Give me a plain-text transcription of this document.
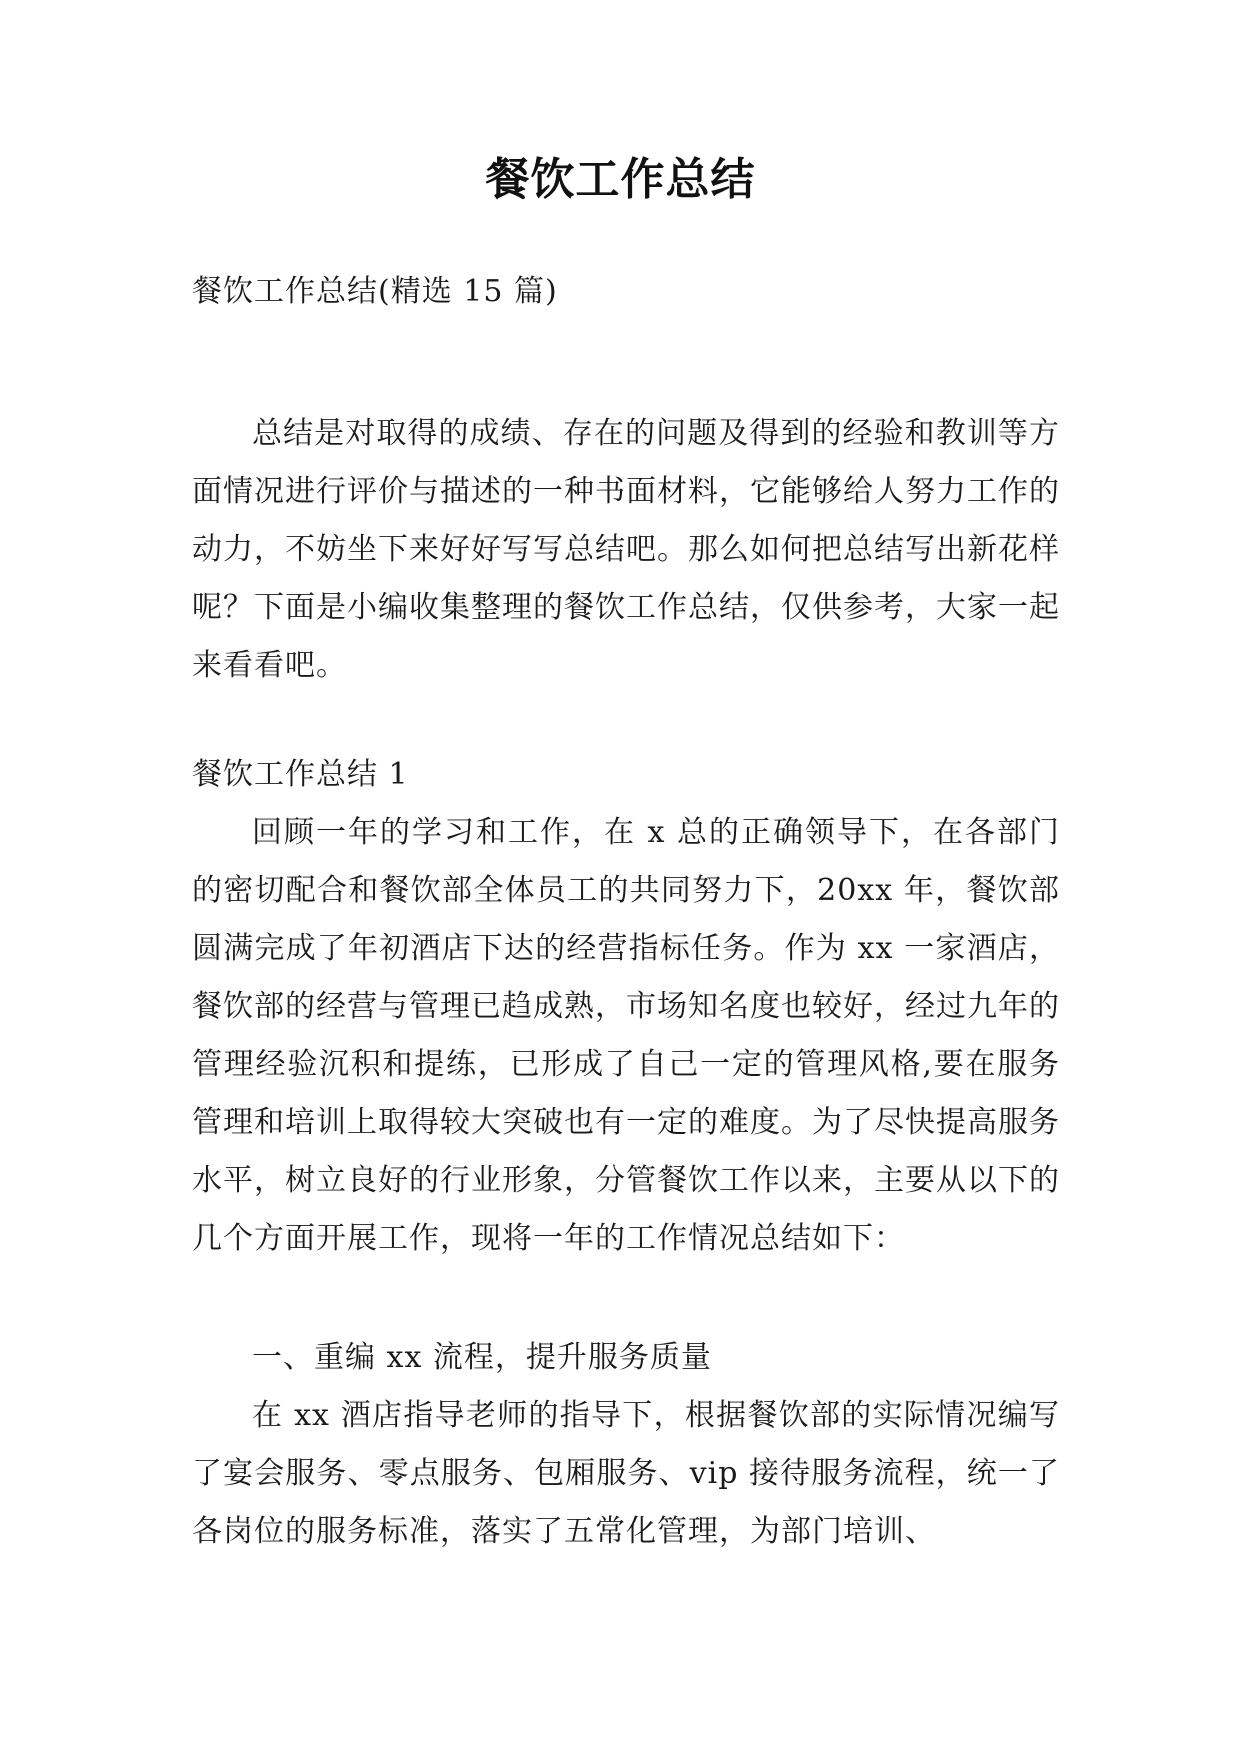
餐饮工作总结

餐饮工作总结(精选 15 篇)

总结是对取得的成绩、存在的问题及得到的经验和教训等方面情况进行评价与描述的一种书面材料，它能够给人努力工作的动力，不妨坐下来好好写写总结吧。那么如何把总结写出新花样呢？下面是小编收集整理的餐饮工作总结，仅供参考，大家一起来看看吧。

餐饮工作总结 1

回顾一年的学习和工作，在 x 总的正确领导下，在各部门的密切配合和餐饮部全体员工的共同努力下，20xx 年，餐饮部圆满完成了年初酒店下达的经营指标任务。作为 xx 一家酒店，餐饮部的经营与管理已趋成熟，市场知名度也较好，经过九年的管理经验沉积和提练，已形成了自己一定的管理风格,要在服务管理和培训上取得较大突破也有一定的难度。为了尽快提高服务水平，树立良好的行业形象，分管餐饮工作以来，主要从以下的几个方面开展工作，现将一年的工作情况总结如下：

一、重编 xx 流程，提升服务质量

在 xx 酒店指导老师的指导下，根据餐饮部的实际情况编写了宴会服务、零点服务、包厢服务、vip 接待服务流程，统一了各岗位的服务标准，落实了五常化管理，为部门培训、
